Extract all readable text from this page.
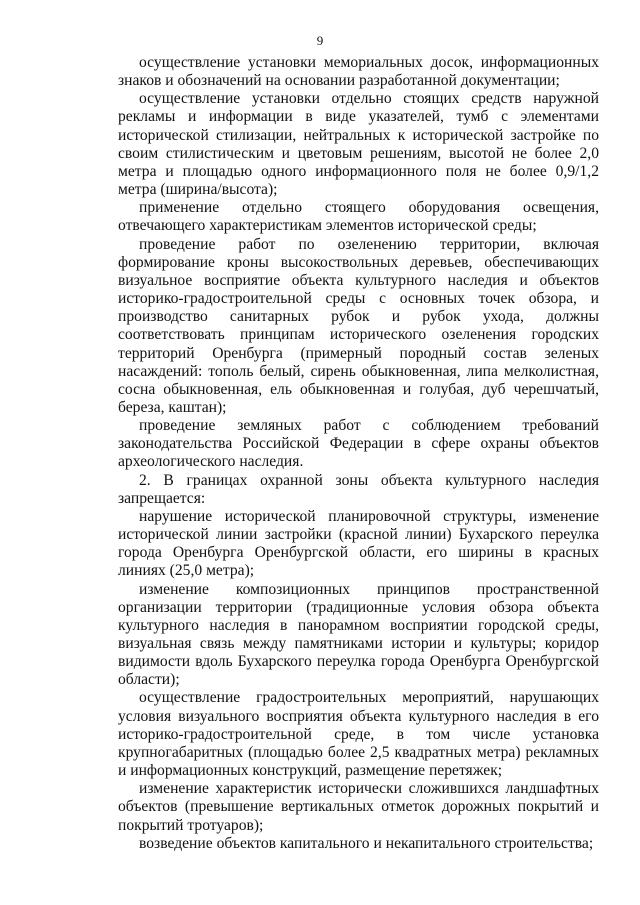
9

осуществление установки мемориальных досок, информационных знаков и обозначений на основании разработанной документации;

осуществление установки отдельно стоящих средств наружной рекламы и информации в виде указателей, тумб с элементами исторической стилизации, нейтральных к исторической застройке по своим стилистическим и цветовым решениям, высотой не более 2,0 метра и площадью одного информационного поля не более 0,9/1,2 метра (ширина/высота);

применение отдельно стоящего оборудования освещения, отвечающего характеристикам элементов исторической среды;

проведение работ по озеленению территории, включая формирование кроны высокоствольных деревьев, обеспечивающих визуальное восприятие объекта культурного наследия и объектов историко-градостроительной среды с основных точек обзора, и производство санитарных рубок и рубок ухода, должны соответствовать принципам исторического озеленения городских территорий Оренбурга (примерный породный состав зеленых насаждений: тополь белый, сирень обыкновенная, липа мелколистная, сосна обыкновенная, ель обыкновенная и голубая, дуб черешчатый, береза, каштан);

проведение земляных работ с соблюдением требований законодательства Российской Федерации в сфере охраны объектов археологического наследия.

2. В границах охранной зоны объекта культурного наследия запрещается:

нарушение исторической планировочной структуры, изменение исторической линии застройки (красной линии) Бухарского переулка города Оренбурга Оренбургской области, его ширины в красных линиях (25,0 метра);

изменение композиционных принципов пространственной организации территории (традиционные условия обзора объекта культурного наследия в панорамном восприятии городской среды, визуальная связь между памятниками истории и культуры; коридор видимости вдоль Бухарского переулка города Оренбурга Оренбургской области);

осуществление градостроительных мероприятий, нарушающих условия визуального восприятия объекта культурного наследия в его историко-градостроительной среде, в том числе установка крупногабаритных (площадью более 2,5 квадратных метра) рекламных и информационных конструкций, размещение перетяжек;

изменение характеристик исторически сложившихся ландшафтных объектов (превышение вертикальных отметок дорожных покрытий и покрытий тротуаров);

возведение объектов капитального и некапитального строительства;
